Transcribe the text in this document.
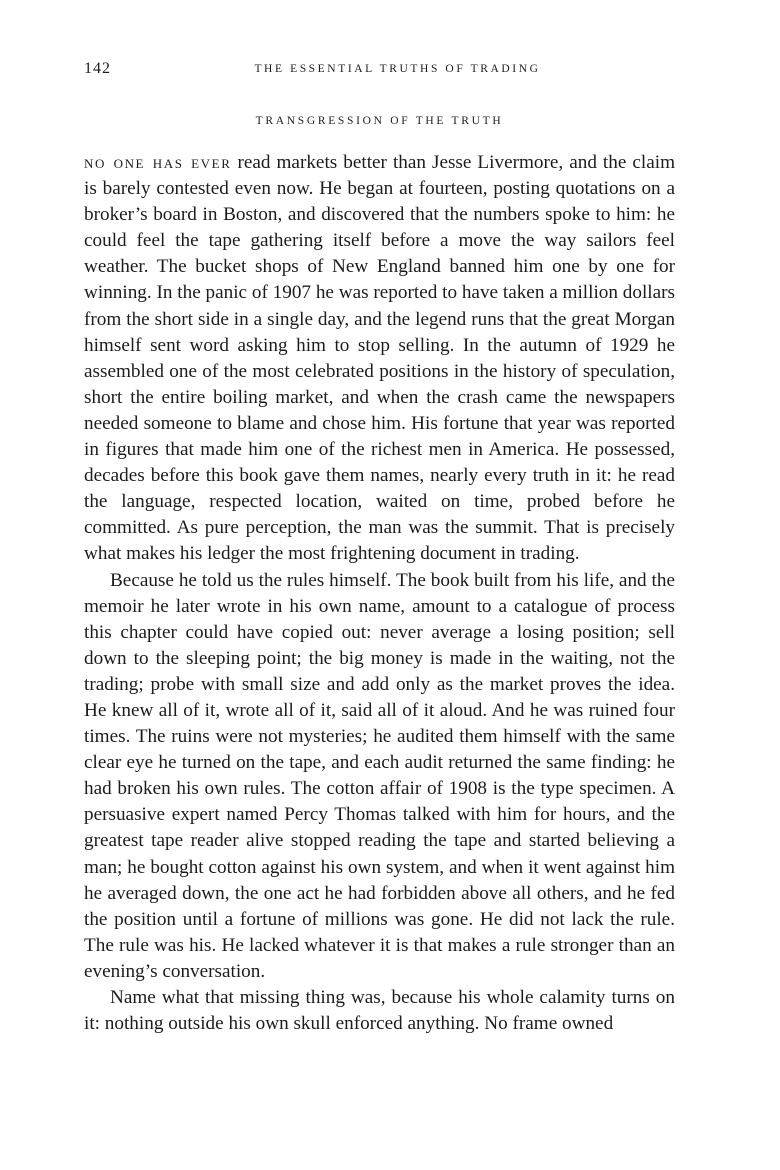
142	THE ESSENTIAL TRUTHS OF TRADING
TRANSGRESSION OF THE TRUTH

no one has ever read markets better than Jesse Livermore, and the claim is barely contested even now. He began at fourteen, posting quotations on a broker’s board in Boston, and discovered that the numbers spoke to him: he could feel the tape gathering itself before a move the way sailors feel weather. The bucket shops of New England banned him one by one for winning. In the panic of 1907 he was reported to have taken a million dollars from the short side in a single day, and the legend runs that the great Morgan himself sent word asking him to stop selling. In the autumn of 1929 he assembled one of the most celebrated positions in the history of speculation, short the entire boiling market, and when the crash came the newspapers needed someone to blame and chose him. His fortune that year was reported in figures that made him one of the richest men in America. He possessed, decades before this book gave them names, nearly every truth in it: he read the language, respected location, waited on time, probed before he committed. As pure perception, the man was the summit. That is precisely what makes his ledger the most frightening document in trading.

Because he told us the rules himself. The book built from his life, and the memoir he later wrote in his own name, amount to a catalogue of process this chapter could have copied out: never average a losing position; sell down to the sleeping point; the big money is made in the waiting, not the trading; probe with small size and add only as the market proves the idea. He knew all of it, wrote all of it, said all of it aloud. And he was ruined four times. The ruins were not mysteries; he audited them himself with the same clear eye he turned on the tape, and each audit returned the same finding: he had broken his own rules. The cotton affair of 1908 is the type specimen. A persuasive expert named Percy Thomas talked with him for hours, and the greatest tape reader alive stopped reading the tape and started believing a man; he bought cotton against his own system, and when it went against him he averaged down, the one act he had forbidden above all others, and he fed the position until a fortune of millions was gone. He did not lack the rule. The rule was his. He lacked whatever it is that makes a rule stronger than an evening’s conversation.

Name what that missing thing was, because his whole calamity turns on it: nothing outside his own skull enforced anything. No frame owned
